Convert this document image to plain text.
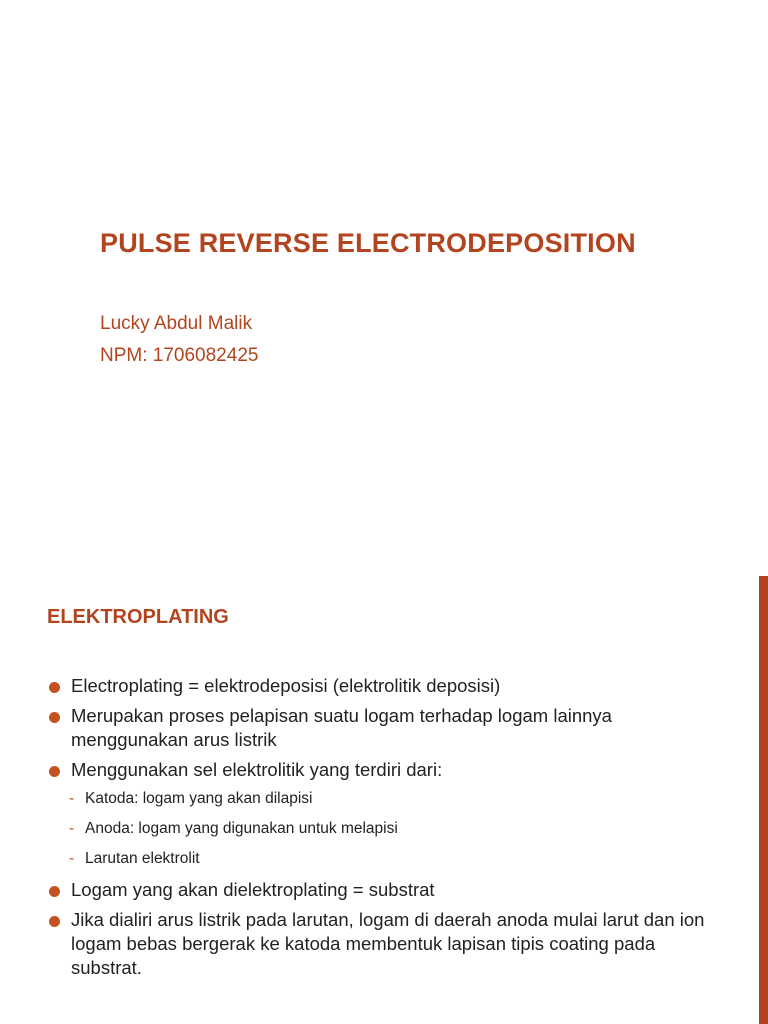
PULSE REVERSE ELECTRODEPOSITION
Lucky Abdul Malik
NPM: 1706082425
ELEKTROPLATING
Electroplating = elektrodeposisi (elektrolitik deposisi)
Merupakan proses pelapisan suatu logam terhadap logam lainnya menggunakan arus listrik
Menggunakan sel elektrolitik yang terdiri dari:
- Katoda: logam yang akan dilapisi
- Anoda: logam yang digunakan untuk melapisi
- Larutan elektrolit
Logam yang akan dielektroplating = substrat
Jika dialiri arus listrik pada larutan, logam di daerah anoda mulai larut dan ion logam bebas bergerak ke katoda membentuk lapisan tipis coating pada substrat.
